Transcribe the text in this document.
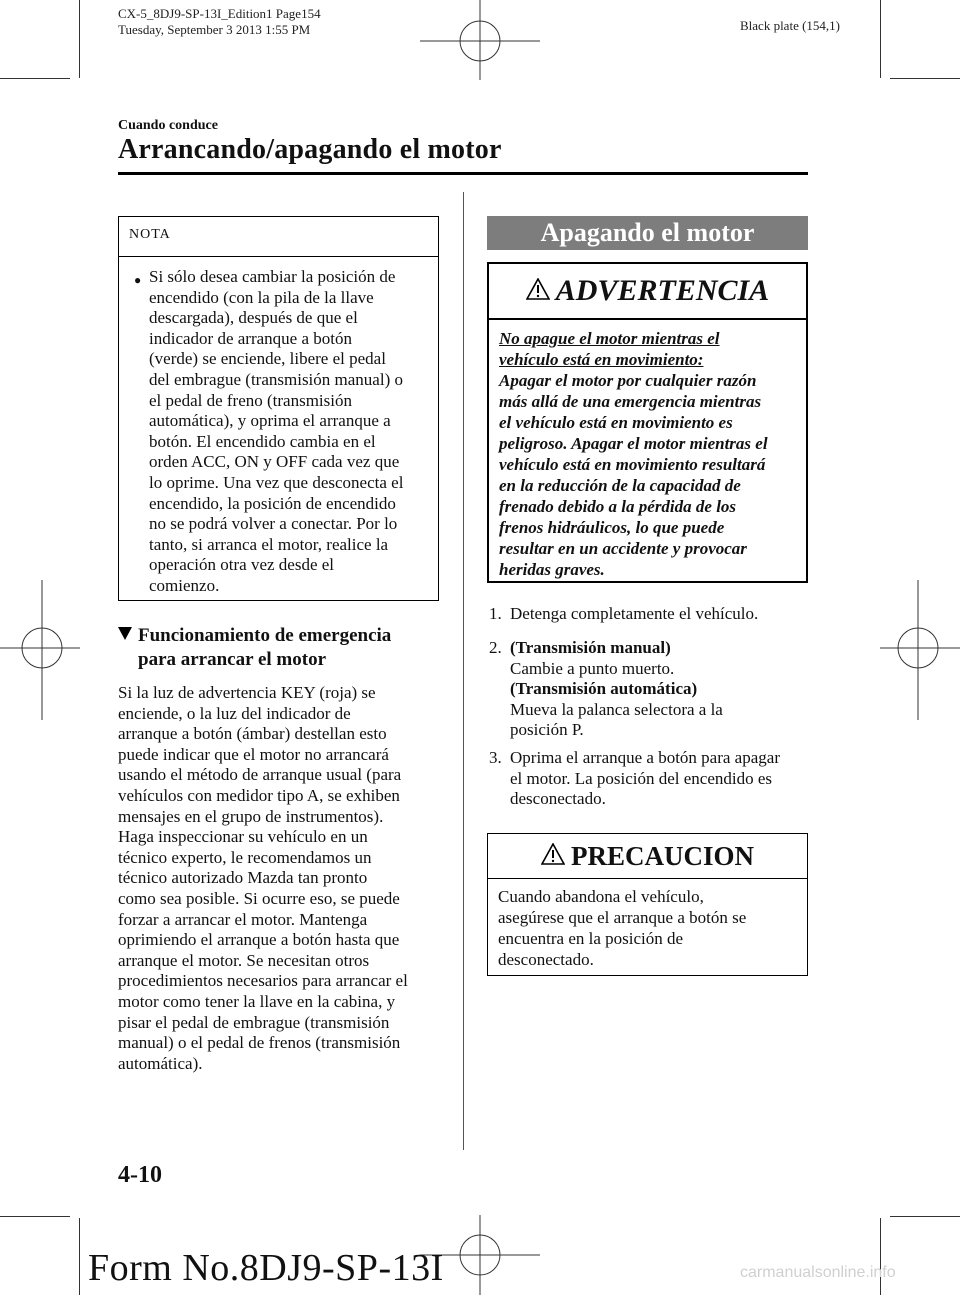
CX-5_8DJ9-SP-13I_Edition1 Page154
Tuesday, September 3 2013 1:55 PM	Black plate (154,1)
Cuando conduce
Arrancando/apagando el motor
NOTA
● Si sólo desea cambiar la posición de
encendido (con la pila de la llave
descargada), después de que el
indicador de arranque a botón
(verde) se enciende, libere el pedal
del embrague (transmisión manual) o
el pedal de freno (transmisión
automática), y oprima el arranque a
botón. El encendido cambia en el
orden ACC, ON y OFF cada vez que
lo oprime. Una vez que desconecta el
encendido, la posición de encendido
no se podrá volver a conectar. Por lo
tanto, si arranca el motor, realice la
operación otra vez desde el
comienzo.
Funcionamiento de emergencia
para arrancar el motor
Si la luz de advertencia KEY (roja) se
enciende, o la luz del indicador de
arranque a botón (ámbar) destellan esto
puede indicar que el motor no arrancará
usando el método de arranque usual (para
vehículos con medidor tipo A, se exhiben
mensajes en el grupo de instrumentos).
Haga inspeccionar su vehículo en un
técnico experto, le recomendamos un
técnico autorizado Mazda tan pronto
como sea posible. Si ocurre eso, se puede
forzar a arrancar el motor. Mantenga
oprimiendo el arranque a botón hasta que
arranque el motor. Se necesitan otros
procedimientos necesarios para arrancar el
motor como tener la llave en la cabina, y
pisar el pedal de embrague (transmisión
manual) o el pedal de frenos (transmisión
automática).
Apagando el motor
ADVERTENCIA
No apague el motor mientras el
vehículo está en movimiento:
Apagar el motor por cualquier razón
más allá de una emergencia mientras
el vehículo está en movimiento es
peligroso. Apagar el motor mientras el
vehículo está en movimiento resultará
en la reducción de la capacidad de
frenado debido a la pérdida de los
frenos hidráulicos, lo que puede
resultar en un accidente y provocar
heridas graves.
1. Detenga completamente el vehículo.
2. (Transmisión manual)
Cambie a punto muerto.
(Transmisión automática)
Mueva la palanca selectora a la
posición P.
3. Oprima el arranque a botón para apagar
el motor. La posición del encendido es
desconectado.
PRECAUCION
Cuando abandona el vehículo,
asegúrese que el arranque a botón se
encuentra en la posición de
desconectado.
4-10
Form No.8DJ9-SP-13I	carmanualsonline.info
